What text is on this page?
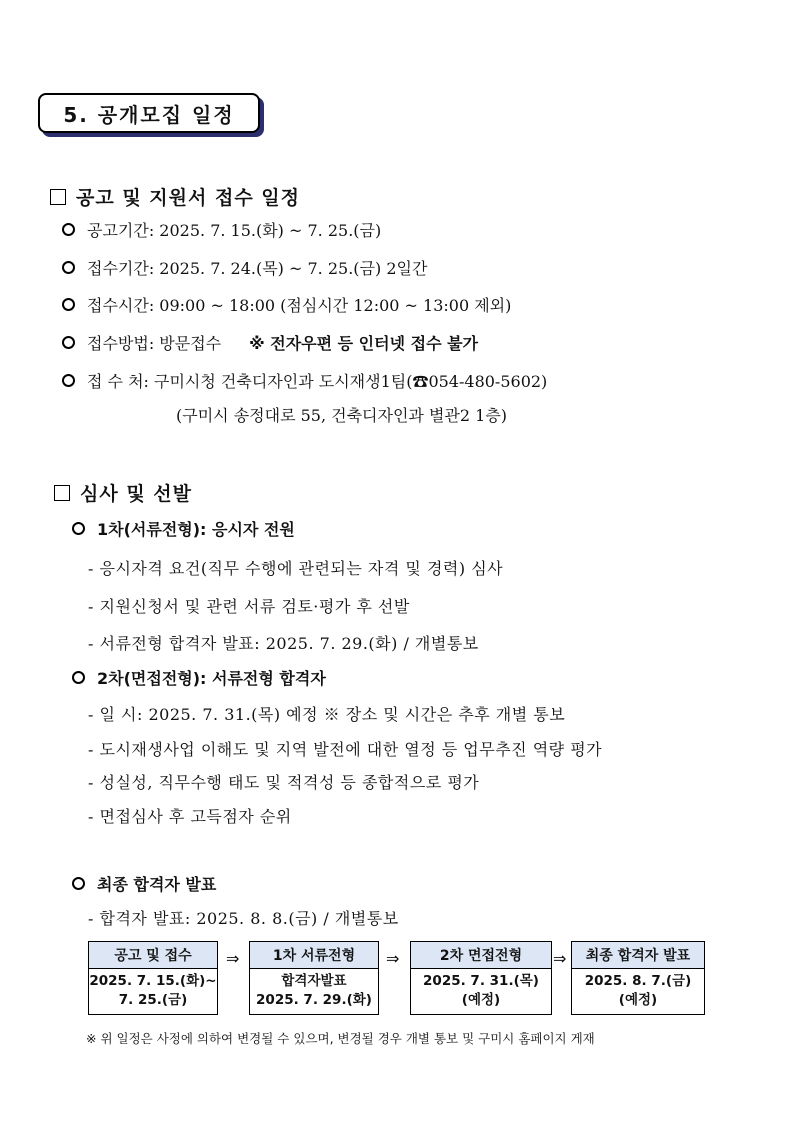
5. 공개모집 일정
공고 및 지원서 접수 일정
공고기간: 2025. 7. 15.(화) ~ 7. 25.(금)
접수기간: 2025. 7. 24.(목) ~ 7. 25.(금) 2일간
접수시간: 09:00 ~ 18:00 (점심시간 12:00 ~ 13:00 제외)
접수방법: 방문접수 ※ 전자우편 등 인터넷 접수 불가
접 수 처: 구미시청 건축디자인과 도시재생1팀(☎054-480-5602)
(구미시 송정대로 55, 건축디자인과 별관2 1층)
심사 및 선발
1차(서류전형): 응시자 전원
- 응시자격 요건(직무 수행에 관련되는 자격 및 경력) 심사
- 지원신청서 및 관련 서류 검토·평가 후 선발
- 서류전형 합격자 발표: 2025. 7. 29.(화) / 개별통보
2차(면접전형): 서류전형 합격자
- 일 시: 2025. 7. 31.(목) 예정 ※ 장소 및 시간은 추후 개별 통보
- 도시재생사업 이해도 및 지역 발전에 대한 열정 등 업무추진 역량 평가
- 성실성, 직무수행 태도 및 적격성 등 종합적으로 평가
- 면접심사 후 고득점자 순위
최종 합격자 발표
- 합격자 발표: 2025. 8. 8.(금) / 개별통보
공고 및 접수
2025. 7. 15.(화)~
7. 25.(금)
⇒	1차 서류전형
합격자발표
2025. 7. 29.(화)
⇒	2차 면접전형
2025. 7. 31.(목)
(예정)
⇒	최종 합격자 발표
2025. 8. 7.(금)
(예정)
※ 위 일정은 사정에 의하여 변경될 수 있으며, 변경될 경우 개별 통보 및 구미시 홈페이지 게재
